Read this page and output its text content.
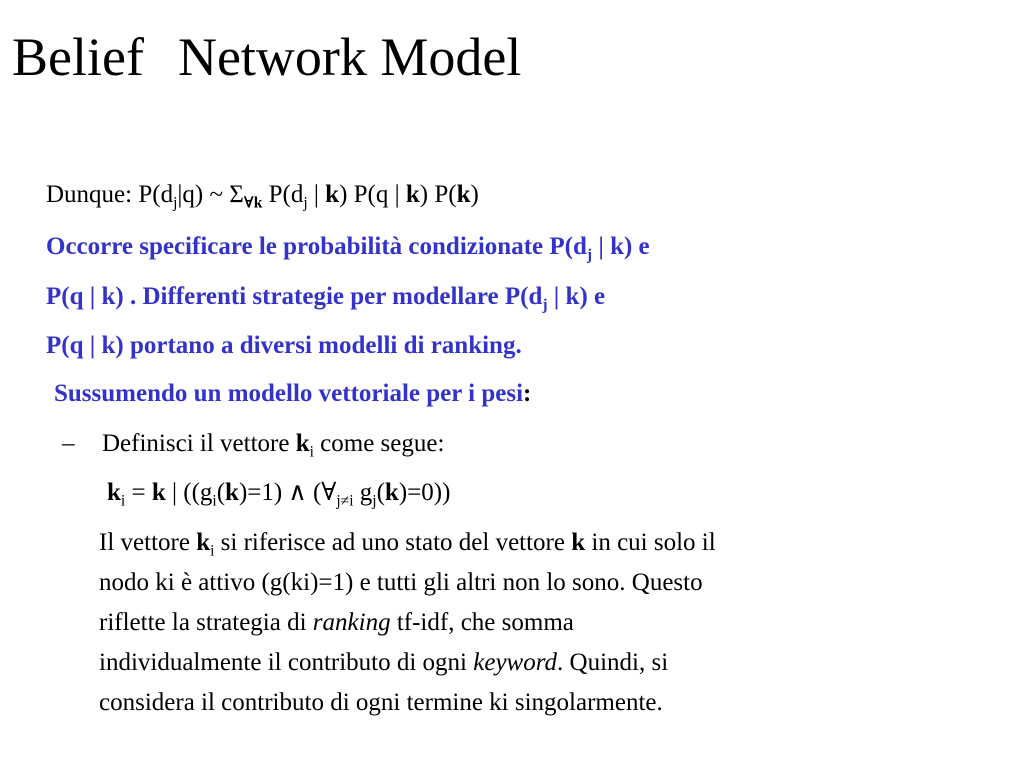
Belief Network Model
Dunque: $P(d_j|q)$ ~ $\Sigma_{\forall k}$ $P(d_j$ | k) P(q | k) P(k)
Occorre specificare le probabilità condizionate $P(d_j$ | k) e
P(q | k) . Differenti strategie per modellare $P(d_j$ | k) e
P(q | k) portano a diversi modelli di ranking.
Sussumendo un modello vettoriale per i pesi:
– Definisci il vettore $k_i$ come segue:
$k_i = k$ | ($(g_i(k)=1)$ ∧ ($\forall_{j\ne i}$ $g_j(k)=0$))
Il vettore $k_i$ si riferisce ad uno stato del vettore k in cui solo il
nodo ki è attivo (g(ki)=1) e tutti gli altri non lo sono. Questo
riflette la strategia di ranking tf-idf, che somma
individualmente il contributo di ogni keyword. Quindi, si
considera il contributo di ogni termine ki singolarmente.
